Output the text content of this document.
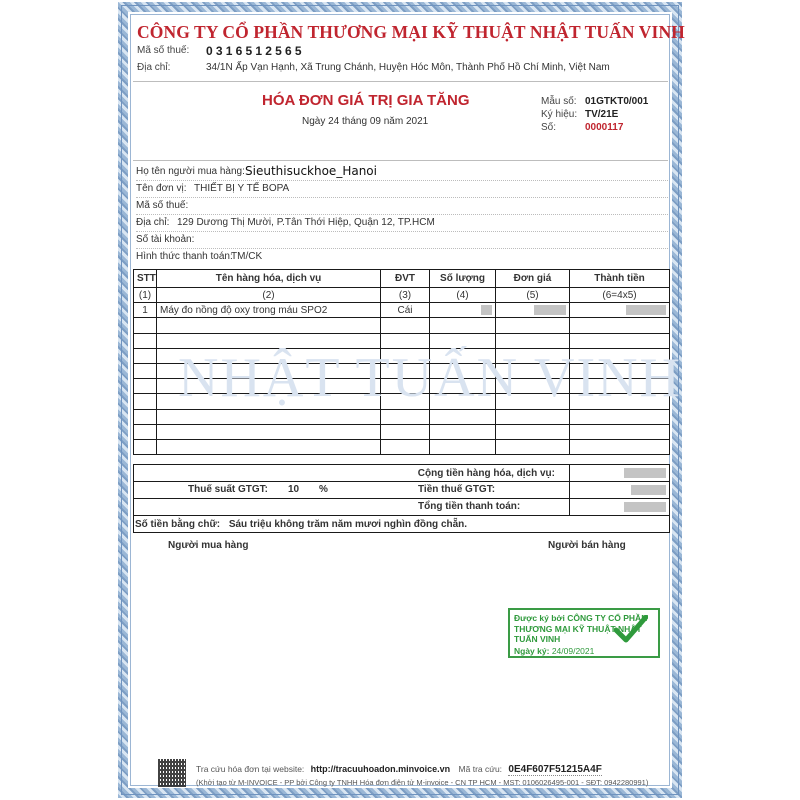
CÔNG TY CỔ PHẦN THƯƠNG MẠI KỸ THUẬT NHẬT TUẤN VINH
Mã số thuế: 0316512565
Địa chỉ:	34/1N Ấp Vạn Hạnh, Xã Trung Chánh, Huyện Hóc Môn, Thành Phố Hồ Chí Minh, Việt Nam
HÓA ĐƠN GIÁ TRỊ GIA TĂNG
Ngày 24 tháng 09 năm 2021
Mẫu số: 01GTKT0/001
Ký hiệu: TV/21E
Số:	0000117
Họ tên người mua hàng: Sieuthisuckhoe_Hanoi
Tên đơn vị: THIẾT BỊ Y TẾ BOPA
Mã số thuế:
Địa chỉ: 129 Dương Thị Mười, P.Tân Thới Hiệp, Quận 12, TP.HCM
Số tài khoản:
Hình thức thanh toán:
TM/CK
STT	Tên hàng hóa, dịch vụ	ĐVT	Số lượng	Đơn giá	Thành tiền
(1)	(2)	(3)	(4)	(5)	(6=4x5)
1	Máy đo nồng độ oxy trong máu SPO2	Cái			

NHẬT TUẤN VINH
Cộng tiền hàng hóa, dịch vụ:	

Thuế suất GTGT: 10 % Tiền thuế GTGT:	

Tổng tiền thanh toán:	

Số tiền bằng chữ: Sáu triệu không trăm năm mươi nghìn đồng chẵn.	
Người mua hàng	Người bán hàng
Được ký bởi CÔNG TY CỔ PHẦN THƯƠNG MẠI KỸ THUẬT NHẬT TUẤN VINH
Ngày ký: 24/09/2021
Tra cứu hóa đơn tại website: http://tracuuhoadon.minvoice.vn Mã tra cứu: 0E4F607F51215A4F
(Khởi tạo từ M-INVOICE - PP bởi Công ty TNHH Hóa đơn điện tử M-invoice - CN TP HCM - MST: 0106026495-001 - SĐT: 0942280991)
